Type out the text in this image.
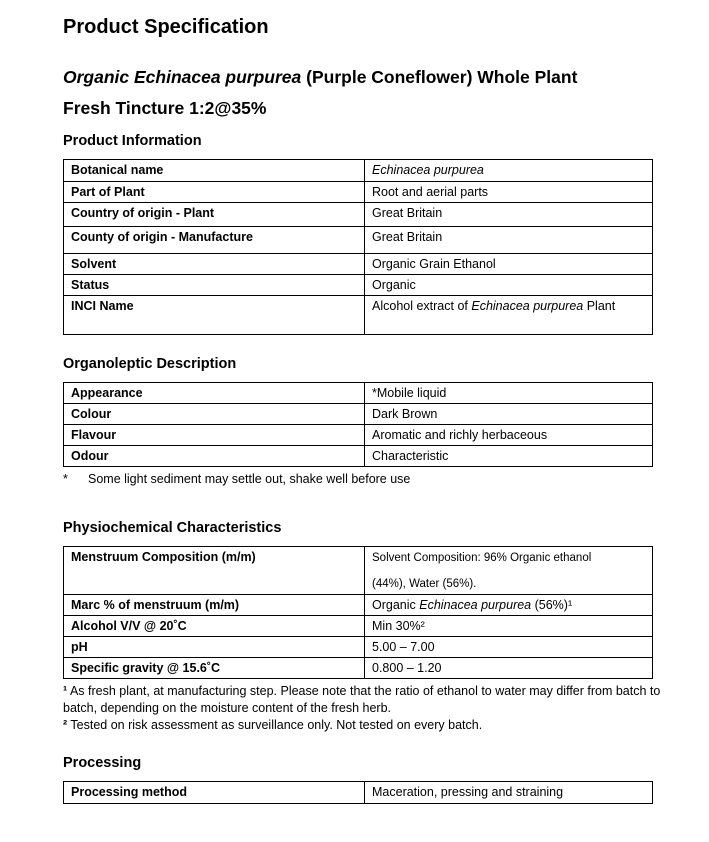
Product Specification
Organic Echinacea purpurea (Purple Coneflower) Whole Plant
Fresh Tincture 1:2@35%
Product Information
Botanical name	Echinacea purpurea
Part of Plant	Root and aerial parts
Country of origin - Plant	Great Britain
County of origin - Manufacture	Great Britain
Solvent	Organic Grain Ethanol
Status	Organic
INCI Name	Alcohol extract of Echinacea purpurea Plant
Organoleptic Description
Appearance	*Mobile liquid
Colour	Dark Brown
Flavour	Aromatic and richly herbaceous
Odour	Characteristic

* Some light sediment may settle out, shake well before use

Physiochemical Characteristics
Menstruum Composition (m/m)	Solvent Composition: 96% Organic ethanol
(44%), Water (56%).
Marc % of menstruum (m/m)	Organic Echinacea purpurea (56%)¹
Alcohol V/V @ 20˚C	Min 30%²
pH	5.00 – 7.00
Specific gravity @ 15.6˚C	0.800 – 1.20

¹ As fresh plant, at manufacturing step. Please note that the ratio of ethanol to water may differ from batch to batch, depending on the moisture content of the fresh herb.

² Tested on risk assessment as surveillance only. Not tested on every batch.

Processing
Processing method	Maceration, pressing and straining
